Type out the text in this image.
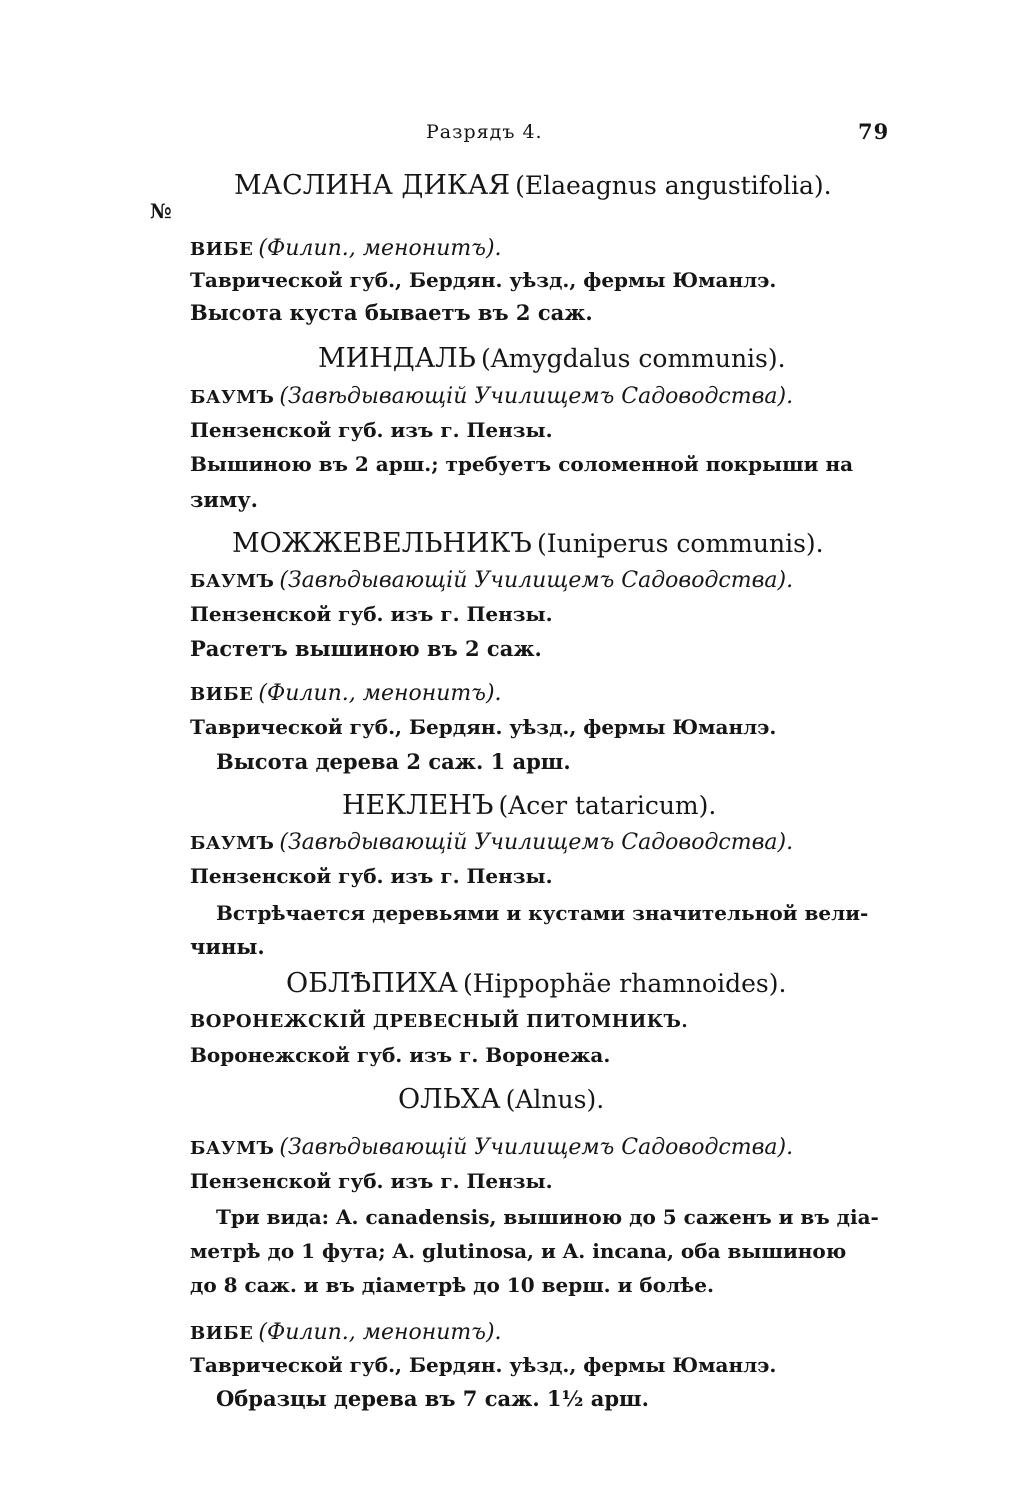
Разрядъ 4.	79
№
МАСЛИНА ДИКАЯ (Elaeagnus angustifolia).
ВИБЕ (Филип., менонитъ).
Таврической губ., Бердян. уѣзд., фермы Юманлэ.
Высота куста бываетъ въ 2 саж.
МИНДАЛЬ (Amygdalus communis).
БАУМЪ (Завѣдывающій Училищемъ Садоводства).
Пензенской губ. изъ г. Пензы.
Вышиною въ 2 арш.; требуетъ соломенной покрыши на
зиму.
МОЖЖЕВЕЛЬНИКЪ (Iuniperus communis).
БАУМЪ (Завѣдывающій Училищемъ Садоводства).
Пензенской губ. изъ г. Пензы.
Растетъ вышиною въ 2 саж.
ВИБЕ (Филип., менонитъ).
Таврической губ., Бердян. уѣзд., фермы Юманлэ.
Высота дерева 2 саж. 1 арш.
НЕКЛЕНЪ (Acer tataricum).
БАУМЪ (Завѣдывающій Училищемъ Садоводства).
Пензенской губ. изъ г. Пензы.
Встрѣчается деревьями и кустами значительной вели-
чины.
ОБЛѢПИХА (Hippophäe rhamnoides).
ВОРОНЕЖСКІЙ ДРЕВЕСНЫЙ ПИТОМНИКЪ.
Воронежской губ. изъ г. Воронежа.
ОЛЬХА (Alnus).
БАУМЪ (Завѣдывающій Училищемъ Садоводства).
Пензенской губ. изъ г. Пензы.
Три вида: A. canadensis, вышиною до 5 саженъ и въ діа-
метрѣ до 1 фута; A. glutinosa, и A. incana, оба вышиною
до 8 саж. и въ діаметрѣ до 10 верш. и болѣе.
ВИБЕ (Филип., менонитъ).
Таврической губ., Бердян. уѣзд., фермы Юманлэ.
Образцы дерева въ 7 саж. 1½ арш.
